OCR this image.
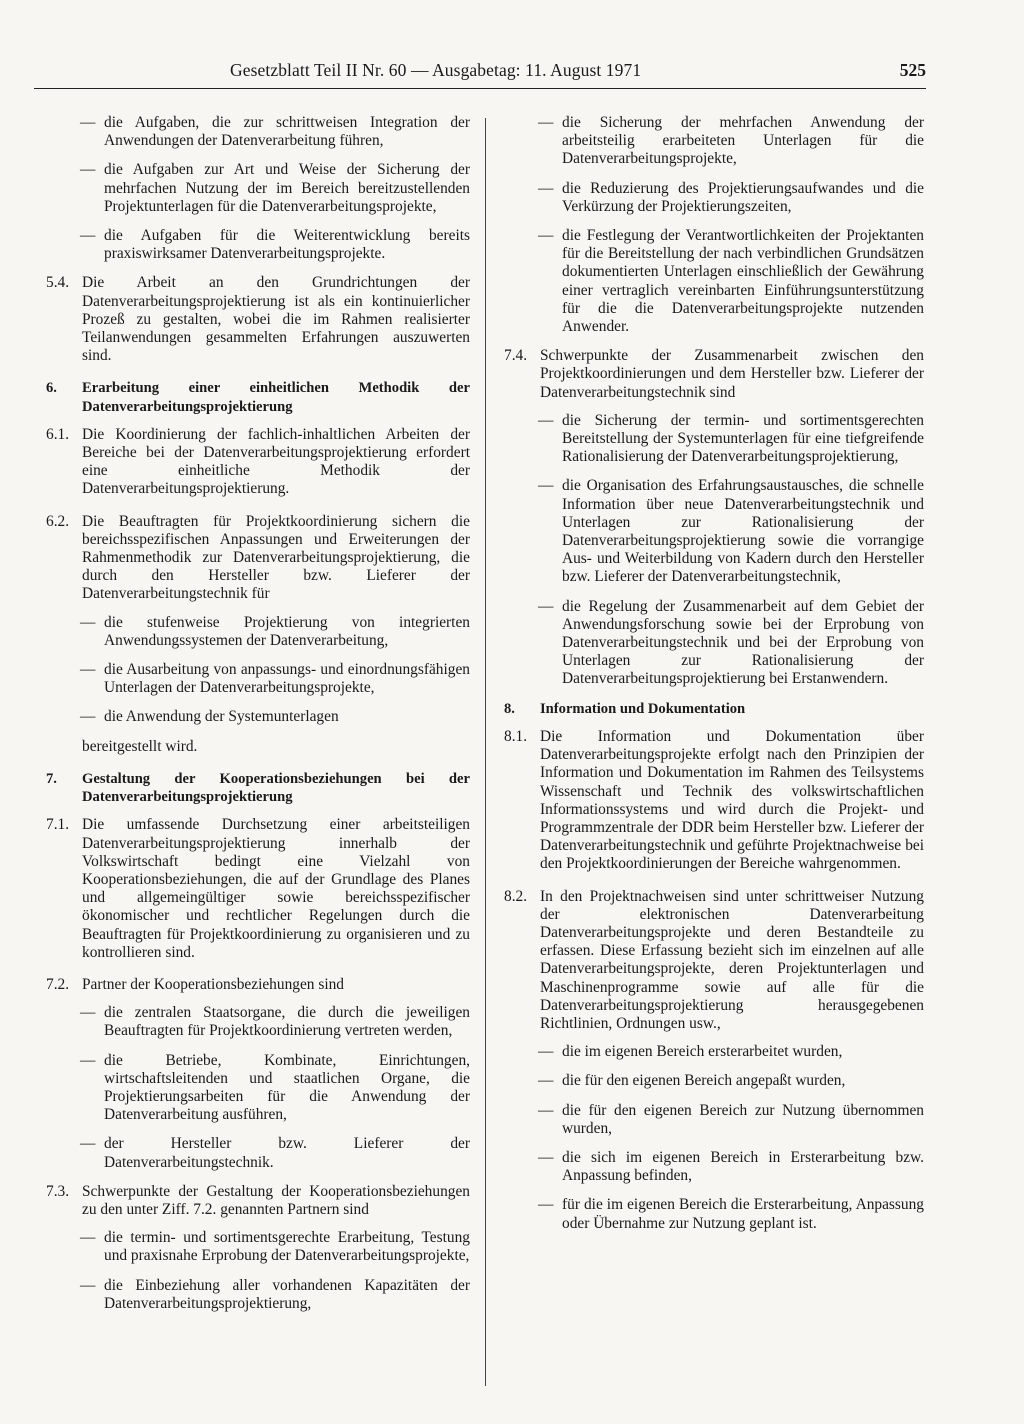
Gesetzblatt Teil II Nr. 60 — Ausgabetag: 11. August 1971	525

— die Aufgaben, die zur schrittweisen Integration der Anwendungen der Datenverarbeitung führen,

— die Aufgaben zur Art und Weise der Sicherung der mehrfachen Nutzung der im Bereich bereitzustellenden Projektunterlagen für die Datenverarbeitungsprojekte,

— die Aufgaben für die Weiterentwicklung bereits praxiswirksamer Datenverarbeitungsprojekte.

5.4. Die Arbeit an den Grundrichtungen der Datenverarbeitungsprojektierung ist als ein kontinuierlicher Prozeß zu gestalten, wobei die im Rahmen realisierter Teilanwendungen gesammelten Erfahrungen auszuwerten sind.
6. Erarbeitung einer einheitlichen Methodik der Datenverarbeitungsprojektierung
6.1. Die Koordinierung der fachlich-inhaltlichen Arbeiten der Bereiche bei der Datenverarbeitungsprojektierung erfordert eine einheitliche Methodik der Datenverarbeitungsprojektierung.
6.2. Die Beauftragten für Projektkoordinierung sichern die bereichsspezifischen Anpassungen und Erweiterungen der Rahmenmethodik zur Datenverarbeitungsprojektierung, die durch den Hersteller bzw. Lieferer der Datenverarbeitungstechnik für

— die stufenweise Projektierung von integrierten Anwendungssystemen der Datenverarbeitung,

— die Ausarbeitung von anpassungs- und einordnungsfähigen Unterlagen der Datenverarbeitungsprojekte,

— die Anwendung der Systemunterlagen

bereitgestellt wird.

7. Gestaltung der Kooperationsbeziehungen bei der Datenverarbeitungsprojektierung
7.1. Die umfassende Durchsetzung einer arbeitsteiligen Datenverarbeitungsprojektierung innerhalb der Volkswirtschaft bedingt eine Vielzahl von Kooperationsbeziehungen, die auf der Grundlage des Planes und allgemeingültiger sowie bereichsspezifischer ökonomischer und rechtlicher Regelungen durch die Beauftragten für Projektkoordinierung zu organisieren und zu kontrollieren sind.
7.2. Partner der Kooperationsbeziehungen sind

— die zentralen Staatsorgane, die durch die jeweiligen Beauftragten für Projektkoordinierung vertreten werden,

— die Betriebe, Kombinate, Einrichtungen, wirtschaftsleitenden und staatlichen Organe, die Projektierungsarbeiten für die Anwendung der Datenverarbeitung ausführen,

— der Hersteller bzw. Lieferer der Datenverarbeitungstechnik.

7.3. Schwerpunkte der Gestaltung der Kooperationsbeziehungen zu den unter Ziff. 7.2. genannten Partnern sind

— die termin- und sortimentsgerechte Erarbeitung, Testung und praxisnahe Erprobung der Datenverarbeitungsprojekte,

— die Einbeziehung aller vorhandenen Kapazitäten der Datenverarbeitungsprojektierung,

— die Sicherung der mehrfachen Anwendung der arbeitsteilig erarbeiteten Unterlagen für die Datenverarbeitungsprojekte,

— die Reduzierung des Projektierungsaufwandes und die Verkürzung der Projektierungszeiten,

— die Festlegung der Verantwortlichkeiten der Projektanten für die Bereitstellung der nach verbindlichen Grundsätzen dokumentierten Unterlagen einschließlich der Gewährung einer vertraglich vereinbarten Einführungsunterstützung für die die Datenverarbeitungsprojekte nutzenden Anwender.

7.4. Schwerpunkte der Zusammenarbeit zwischen den Projektkoordinierungen und dem Hersteller bzw. Lieferer der Datenverarbeitungstechnik sind

— die Sicherung der termin- und sortimentsgerechten Bereitstellung der Systemunterlagen für eine tiefgreifende Rationalisierung der Datenverarbeitungsprojektierung,

— die Organisation des Erfahrungsaustausches, die schnelle Information über neue Datenverarbeitungstechnik und Unterlagen zur Rationalisierung der Datenverarbeitungsprojektierung sowie die vorrangige Aus- und Weiterbildung von Kadern durch den Hersteller bzw. Lieferer der Datenverarbeitungstechnik,

— die Regelung der Zusammenarbeit auf dem Gebiet der Anwendungsforschung sowie bei der Erprobung von Datenverarbeitungstechnik und bei der Erprobung von Unterlagen zur Rationalisierung der Datenverarbeitungsprojektierung bei Erstanwendern.

8. Information und Dokumentation
8.1. Die Information und Dokumentation über Datenverarbeitungsprojekte erfolgt nach den Prinzipien der Information und Dokumentation im Rahmen des Teilsystems Wissenschaft und Technik des volkswirtschaftlichen Informationssystems und wird durch die Projekt- und Programmzentrale der DDR beim Hersteller bzw. Lieferer der Datenverarbeitungstechnik und geführte Projektnachweise bei den Projektkoordinierungen der Bereiche wahrgenommen.
8.2. In den Projektnachweisen sind unter schrittweiser Nutzung der elektronischen Datenverarbeitung Datenverarbeitungsprojekte und deren Bestandteile zu erfassen. Diese Erfassung bezieht sich im einzelnen auf alle Datenverarbeitungsprojekte, deren Projektunterlagen und Maschinenprogramme sowie auf alle für die Datenverarbeitungsprojektierung herausgegebenen Richtlinien, Ordnungen usw.,

— die im eigenen Bereich ersterarbeitet wurden,

— die für den eigenen Bereich angepaßt wurden,

— die für den eigenen Bereich zur Nutzung übernommen wurden,

— die sich im eigenen Bereich in Ersterarbeitung bzw. Anpassung befinden,

— für die im eigenen Bereich die Ersterarbeitung, Anpassung oder Übernahme zur Nutzung geplant ist.
